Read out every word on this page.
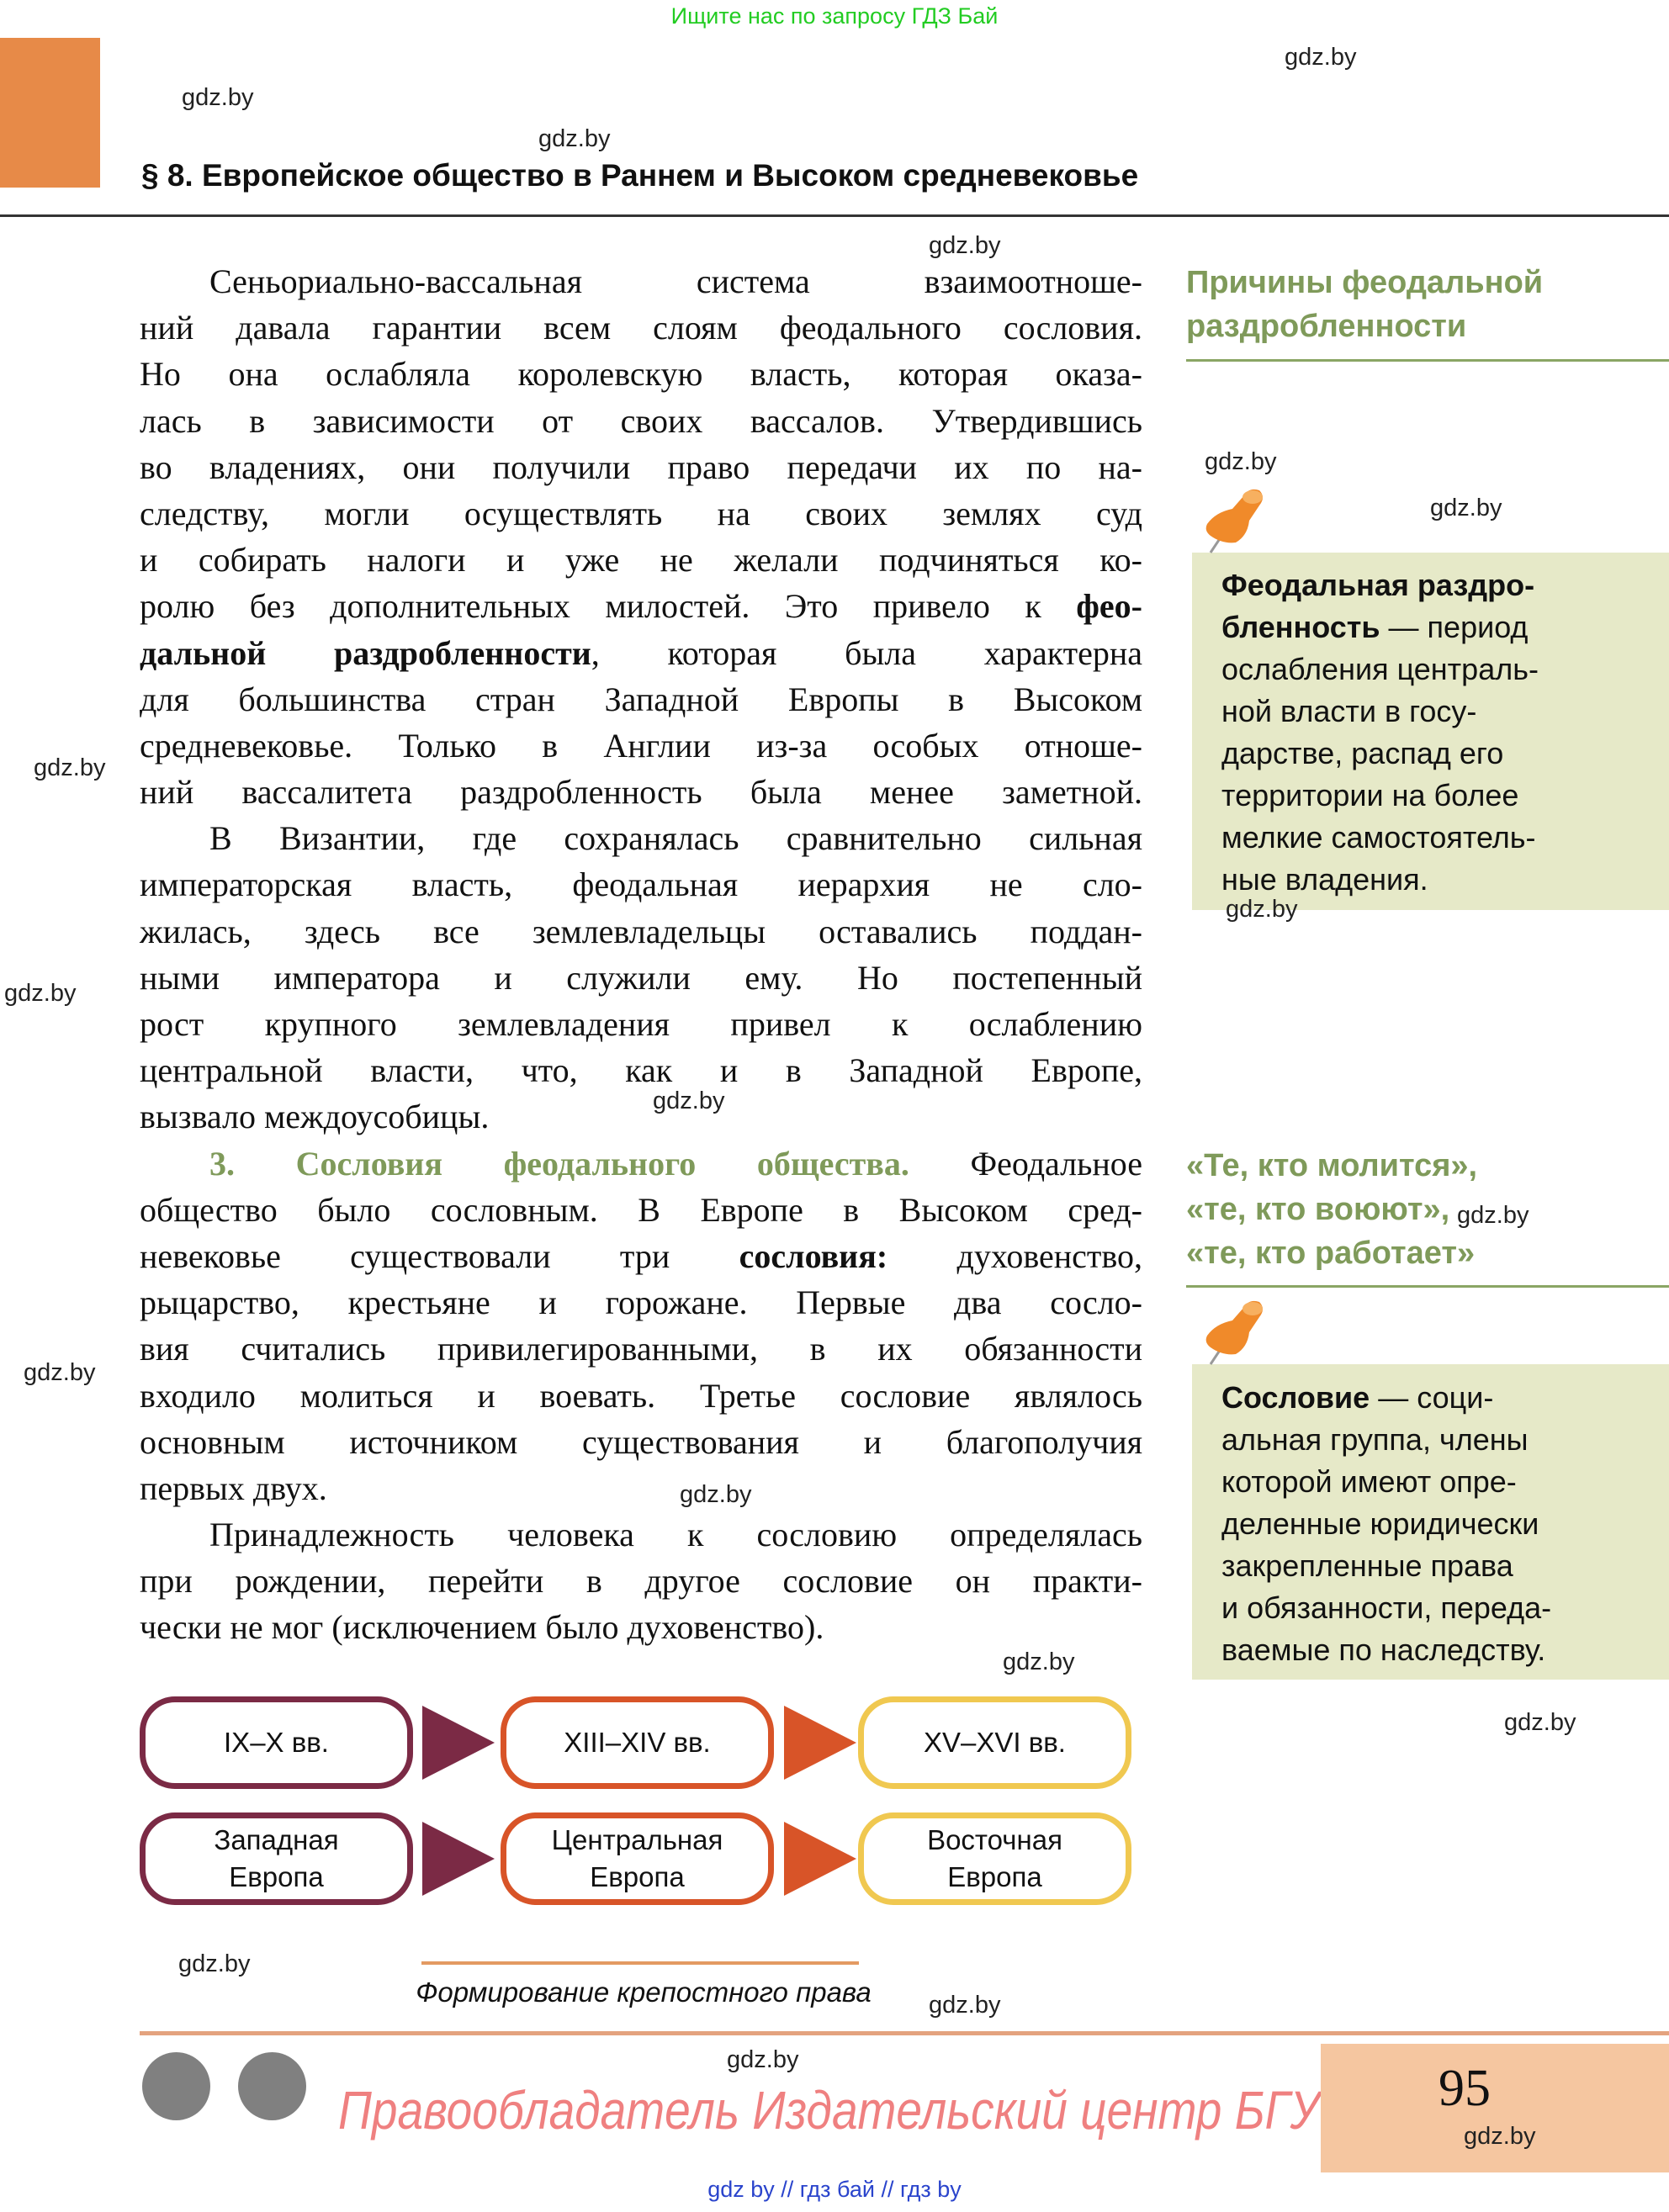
Ищите нас по запросу ГДЗ Бай
§ 8. Европейское общество в Раннем и Высоком средневековье
Сеньориально-вассальная система взаимоотноше-
ний давала гарантии всем слоям феодального сословия.
Но она ослабляла королевскую власть, которая оказа-
лась в зависимости от своих вассалов. Утвердившись
во владениях, они получили право передачи их по на-
следству, могли осуществлять на своих землях суд
и собирать налоги и уже не желали подчиняться ко-
ролю без дополнительных милостей. Это привело к фео-
дальной раздробленности, которая была характерна
для большинства стран Западной Европы в Высоком
средневековье. Только в Англии из-за особых отноше-
ний вассалитета раздробленность была менее заметной.
В Византии, где сохранялась сравнительно сильная
императорская власть, феодальная иерархия не сло-
жилась, здесь все землевладельцы оставались поддан-
ными императора и служили ему. Но постепенный
рост крупного землевладения привел к ослаблению
центральной власти, что, как и в Западной Европе,
вызвало междоусобицы.
3. Сословия феодального общества. Феодальное
общество было сословным. В Европе в Высоком сред-
невековье существовали три сословия: духовенство,
рыцарство, крестьяне и горожане. Первые два сосло-
вия считались привилегированными, в их обязанности
входило молиться и воевать. Третье сословие являлось
основным источником существования и благополучия
первых двух.
Принадлежность человека к сословию определялась
при рождении, перейти в другое сословие он практи-
чески не мог (исключением было духовенство).
Причины феодальной
раздробленности
Феодальная раздро-
бленность — период
ослабления централь-
ной власти в госу-
дарстве, распад его
территории на более
мелкие самостоятель-
ные владения.
«Те, кто молится»,
«те, кто воюют»,
«те, кто работает»
Сословие — соци-
альная группа, члены
которой имеют опре-
деленные юридически
закрепленные права
и обязанности, переда-
ваемые по наследству.
IX–X вв.	XIII–XIV вв.	XV–XVI вв.
Западная
Европа
Центральная
Европа
Восточная
Европа
Формирование крепостного права
Правообладатель Издательский центр БГУ 95
gdz by // гдз бай // гдз by
gdz.by
gdz.by
gdz.by
gdz.by
gdz.by
gdz.by
gdz.by
gdz.by
gdz.by
gdz.by
gdz.by
gdz.by
gdz.by
gdz.by
gdz.by
gdz.by
gdz.by
gdz.by
gdz.by
